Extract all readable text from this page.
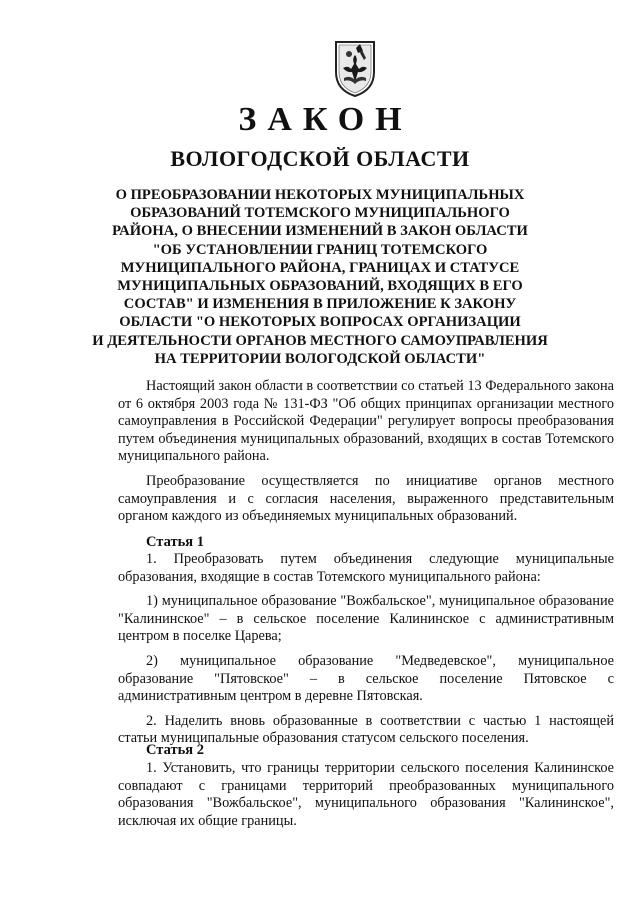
ЗАКОН
ВОЛОГОДСКОЙ ОБЛАСТИ
О ПРЕОБРАЗОВАНИИ НЕКОТОРЫХ МУНИЦИПАЛЬНЫХ
ОБРАЗОВАНИЙ ТОТЕМСКОГО МУНИЦИПАЛЬНОГО
РАЙОНА, О ВНЕСЕНИИ ИЗМЕНЕНИЙ В ЗАКОН ОБЛАСТИ
"ОБ УСТАНОВЛЕНИИ ГРАНИЦ ТОТЕМСКОГО
МУНИЦИПАЛЬНОГО РАЙОНА, ГРАНИЦАХ И СТАТУСЕ
МУНИЦИПАЛЬНЫХ ОБРАЗОВАНИЙ, ВХОДЯЩИХ В ЕГО
СОСТАВ" И ИЗМЕНЕНИЯ В ПРИЛОЖЕНИЕ К ЗАКОНУ
ОБЛАСТИ "О НЕКОТОРЫХ ВОПРОСАХ ОРГАНИЗАЦИИ
И ДЕЯТЕЛЬНОСТИ ОРГАНОВ МЕСТНОГО САМОУПРАВЛЕНИЯ
НА ТЕРРИТОРИИ ВОЛОГОДСКОЙ ОБЛАСТИ"

Настоящий закон области в соответствии со статьей 13 Федерального закона от 6 октября 2003 года № 131-ФЗ "Об общих принципах организации местного самоуправления в Российской Федерации" регулирует вопросы преобразования путем объединения муниципальных образований, входящих в состав Тотемского муниципального района.

Преобразование осуществляется по инициативе органов местного самоуправления и с согласия населения, выраженного представительным органом каждого из объединяемых муниципальных образований.

Статья 1

1. Преобразовать путем объединения следующие муниципальные образования, входящие в состав Тотемского муниципального района:

1) муниципальное образование "Вожбальское", муниципальное образование "Калининское" – в сельское поселение Калининское с административным центром в поселке Царева;

2) муниципальное образование "Медведевское", муниципальное образование "Пятовское" – в сельское поселение Пятовское с административным центром в деревне Пятовская.

2. Наделить вновь образованные в соответствии с частью 1 настоящей статьи муниципальные образования статусом сельского поселения.

Статья 2

1. Установить, что границы территории сельского поселения Калининское совпадают с границами территорий преобразованных муниципального образования "Вожбальское", муниципального образования "Калининское", исключая их общие границы.
